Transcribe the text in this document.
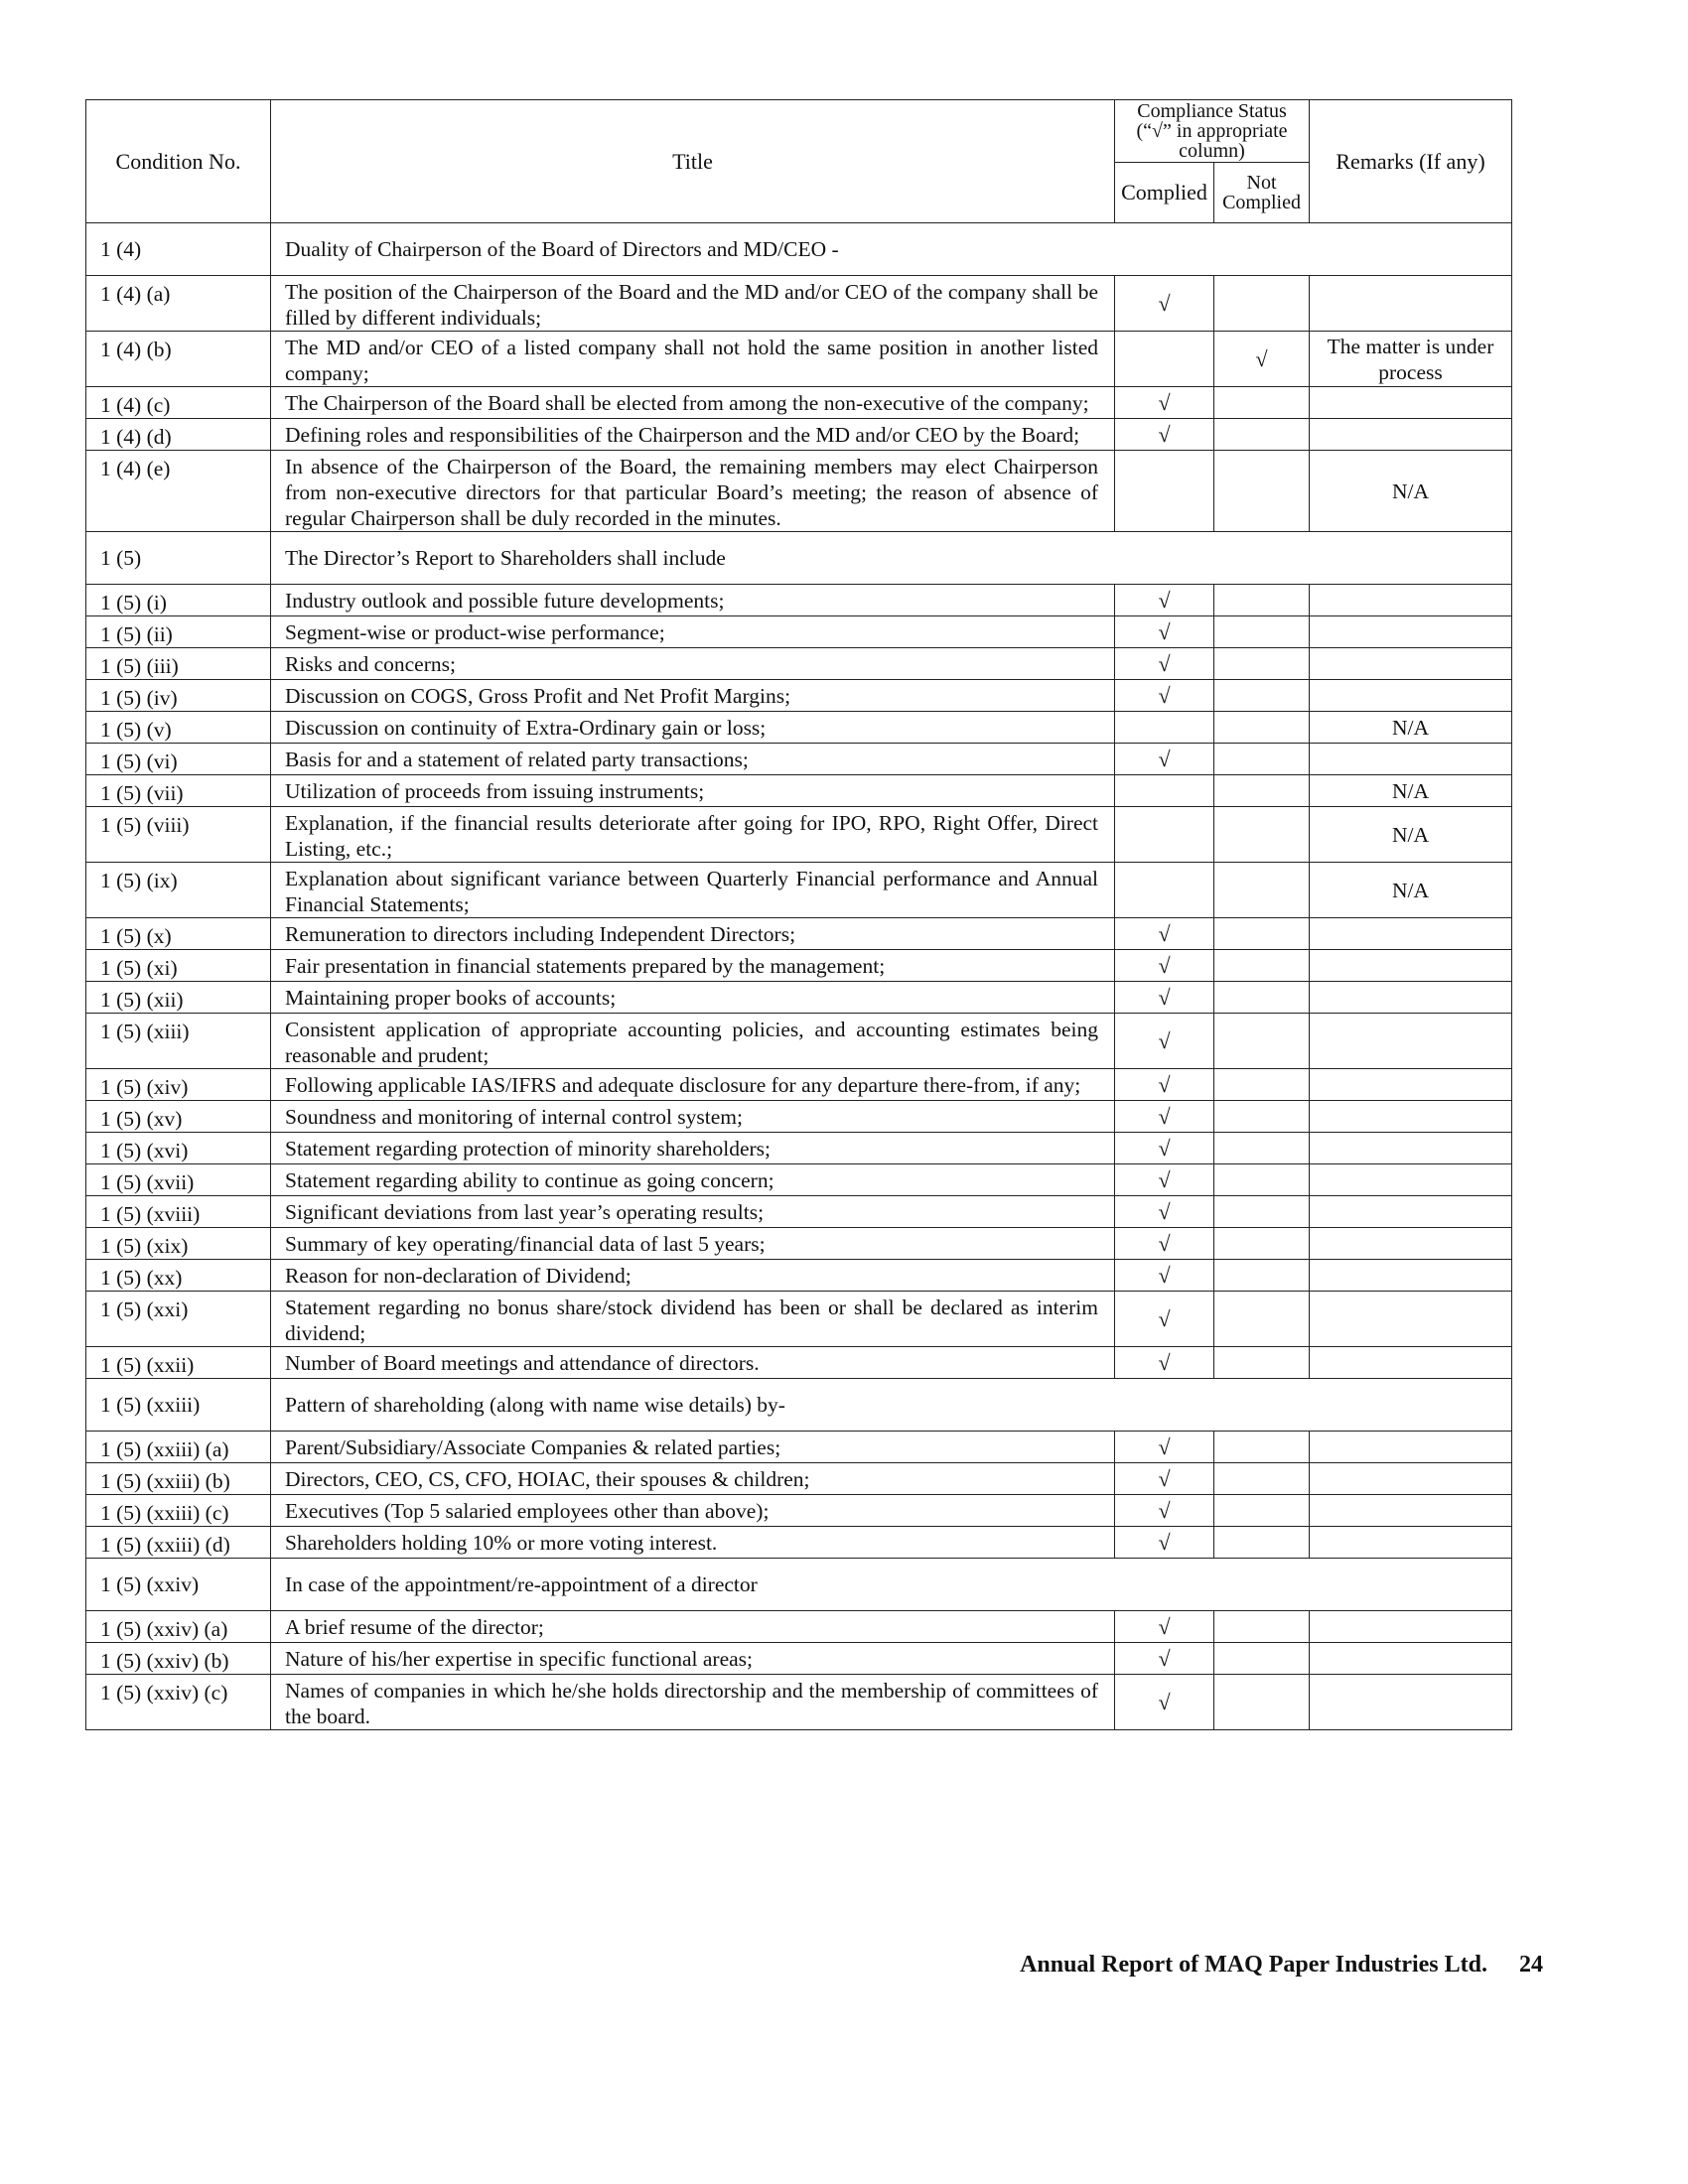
Condition No.	Title	Compliance Status (“√” in appropriate column)		Remarks (If any)
		Complied	Not Complied	
1 (4)	Duality of Chairperson of the Board of Directors and MD/CEO -			
1 (4) (a)	The position of the Chairperson of the Board and the MD and/or CEO of the company shall be filled by different individuals;	√		
1 (4) (b)	The MD and/or CEO of a listed company shall not hold the same position in another listed company;		√	The matter is under process
1 (4) (c)	The Chairperson of the Board shall be elected from among the non-executive of the company;	√		
1 (4) (d)	Defining roles and responsibilities of the Chairperson and the MD and/or CEO by the Board;	√		
1 (4) (e)	In absence of the Chairperson of the Board, the remaining members may elect Chairperson from non-executive directors for that particular Board’s meeting; the reason of absence of regular Chairperson shall be duly recorded in the minutes.			N/A
1 (5)	The Director’s Report to Shareholders shall include			
1 (5) (i)	Industry outlook and possible future developments;	√		
1 (5) (ii)	Segment-wise or product-wise performance;	√		
1 (5) (iii)	Risks and concerns;	√		
1 (5) (iv)	Discussion on COGS, Gross Profit and Net Profit Margins;	√		
1 (5) (v)	Discussion on continuity of Extra-Ordinary gain or loss;			N/A
1 (5) (vi)	Basis for and a statement of related party transactions;	√		
1 (5) (vii)	Utilization of proceeds from issuing instruments;			N/A
1 (5) (viii)	Explanation, if the financial results deteriorate after going for IPO, RPO, Right Offer, Direct Listing, etc.;			N/A
1 (5) (ix)	Explanation about significant variance between Quarterly Financial performance and Annual Financial Statements;			N/A
1 (5) (x)	Remuneration to directors including Independent Directors;	√		
1 (5) (xi)	Fair presentation in financial statements prepared by the management;	√		
1 (5) (xii)	Maintaining proper books of accounts;	√		
1 (5) (xiii)	Consistent application of appropriate accounting policies, and accounting estimates being reasonable and prudent;	√		
1 (5) (xiv)	Following applicable IAS/IFRS and adequate disclosure for any departure there-from, if any;	√		
1 (5) (xv)	Soundness and monitoring of internal control system;	√		
1 (5) (xvi)	Statement regarding protection of minority shareholders;	√		
1 (5) (xvii)	Statement regarding ability to continue as going concern;	√		
1 (5) (xviii)	Significant deviations from last year’s operating results;	√		
1 (5) (xix)	Summary of key operating/financial data of last 5 years;	√		
1 (5) (xx)	Reason for non-declaration of Dividend;	√		
1 (5) (xxi)	Statement regarding no bonus share/stock dividend has been or shall be declared as interim dividend;	√		
1 (5) (xxii)	Number of Board meetings and attendance of directors.	√		
1 (5) (xxiii)	Pattern of shareholding (along with name wise details) by-			
1 (5) (xxiii) (a)	Parent/Subsidiary/Associate Companies & related parties;	√		
1 (5) (xxiii) (b)	Directors, CEO, CS, CFO, HOIAC, their spouses & children;	√		
1 (5) (xxiii) (c)	Executives (Top 5 salaried employees other than above);	√		
1 (5) (xxiii) (d)	Shareholders holding 10% or more voting interest.	√		
1 (5) (xxiv)	In case of the appointment/re-appointment of a director			
1 (5) (xxiv) (a)	A brief resume of the director;	√		
1 (5) (xxiv) (b)	Nature of his/her expertise in specific functional areas;	√		
1 (5) (xxiv) (c)	Names of companies in which he/she holds directorship and the membership of committees of the board.	√		
Annual Report of MAQ Paper Industries Ltd. 24
